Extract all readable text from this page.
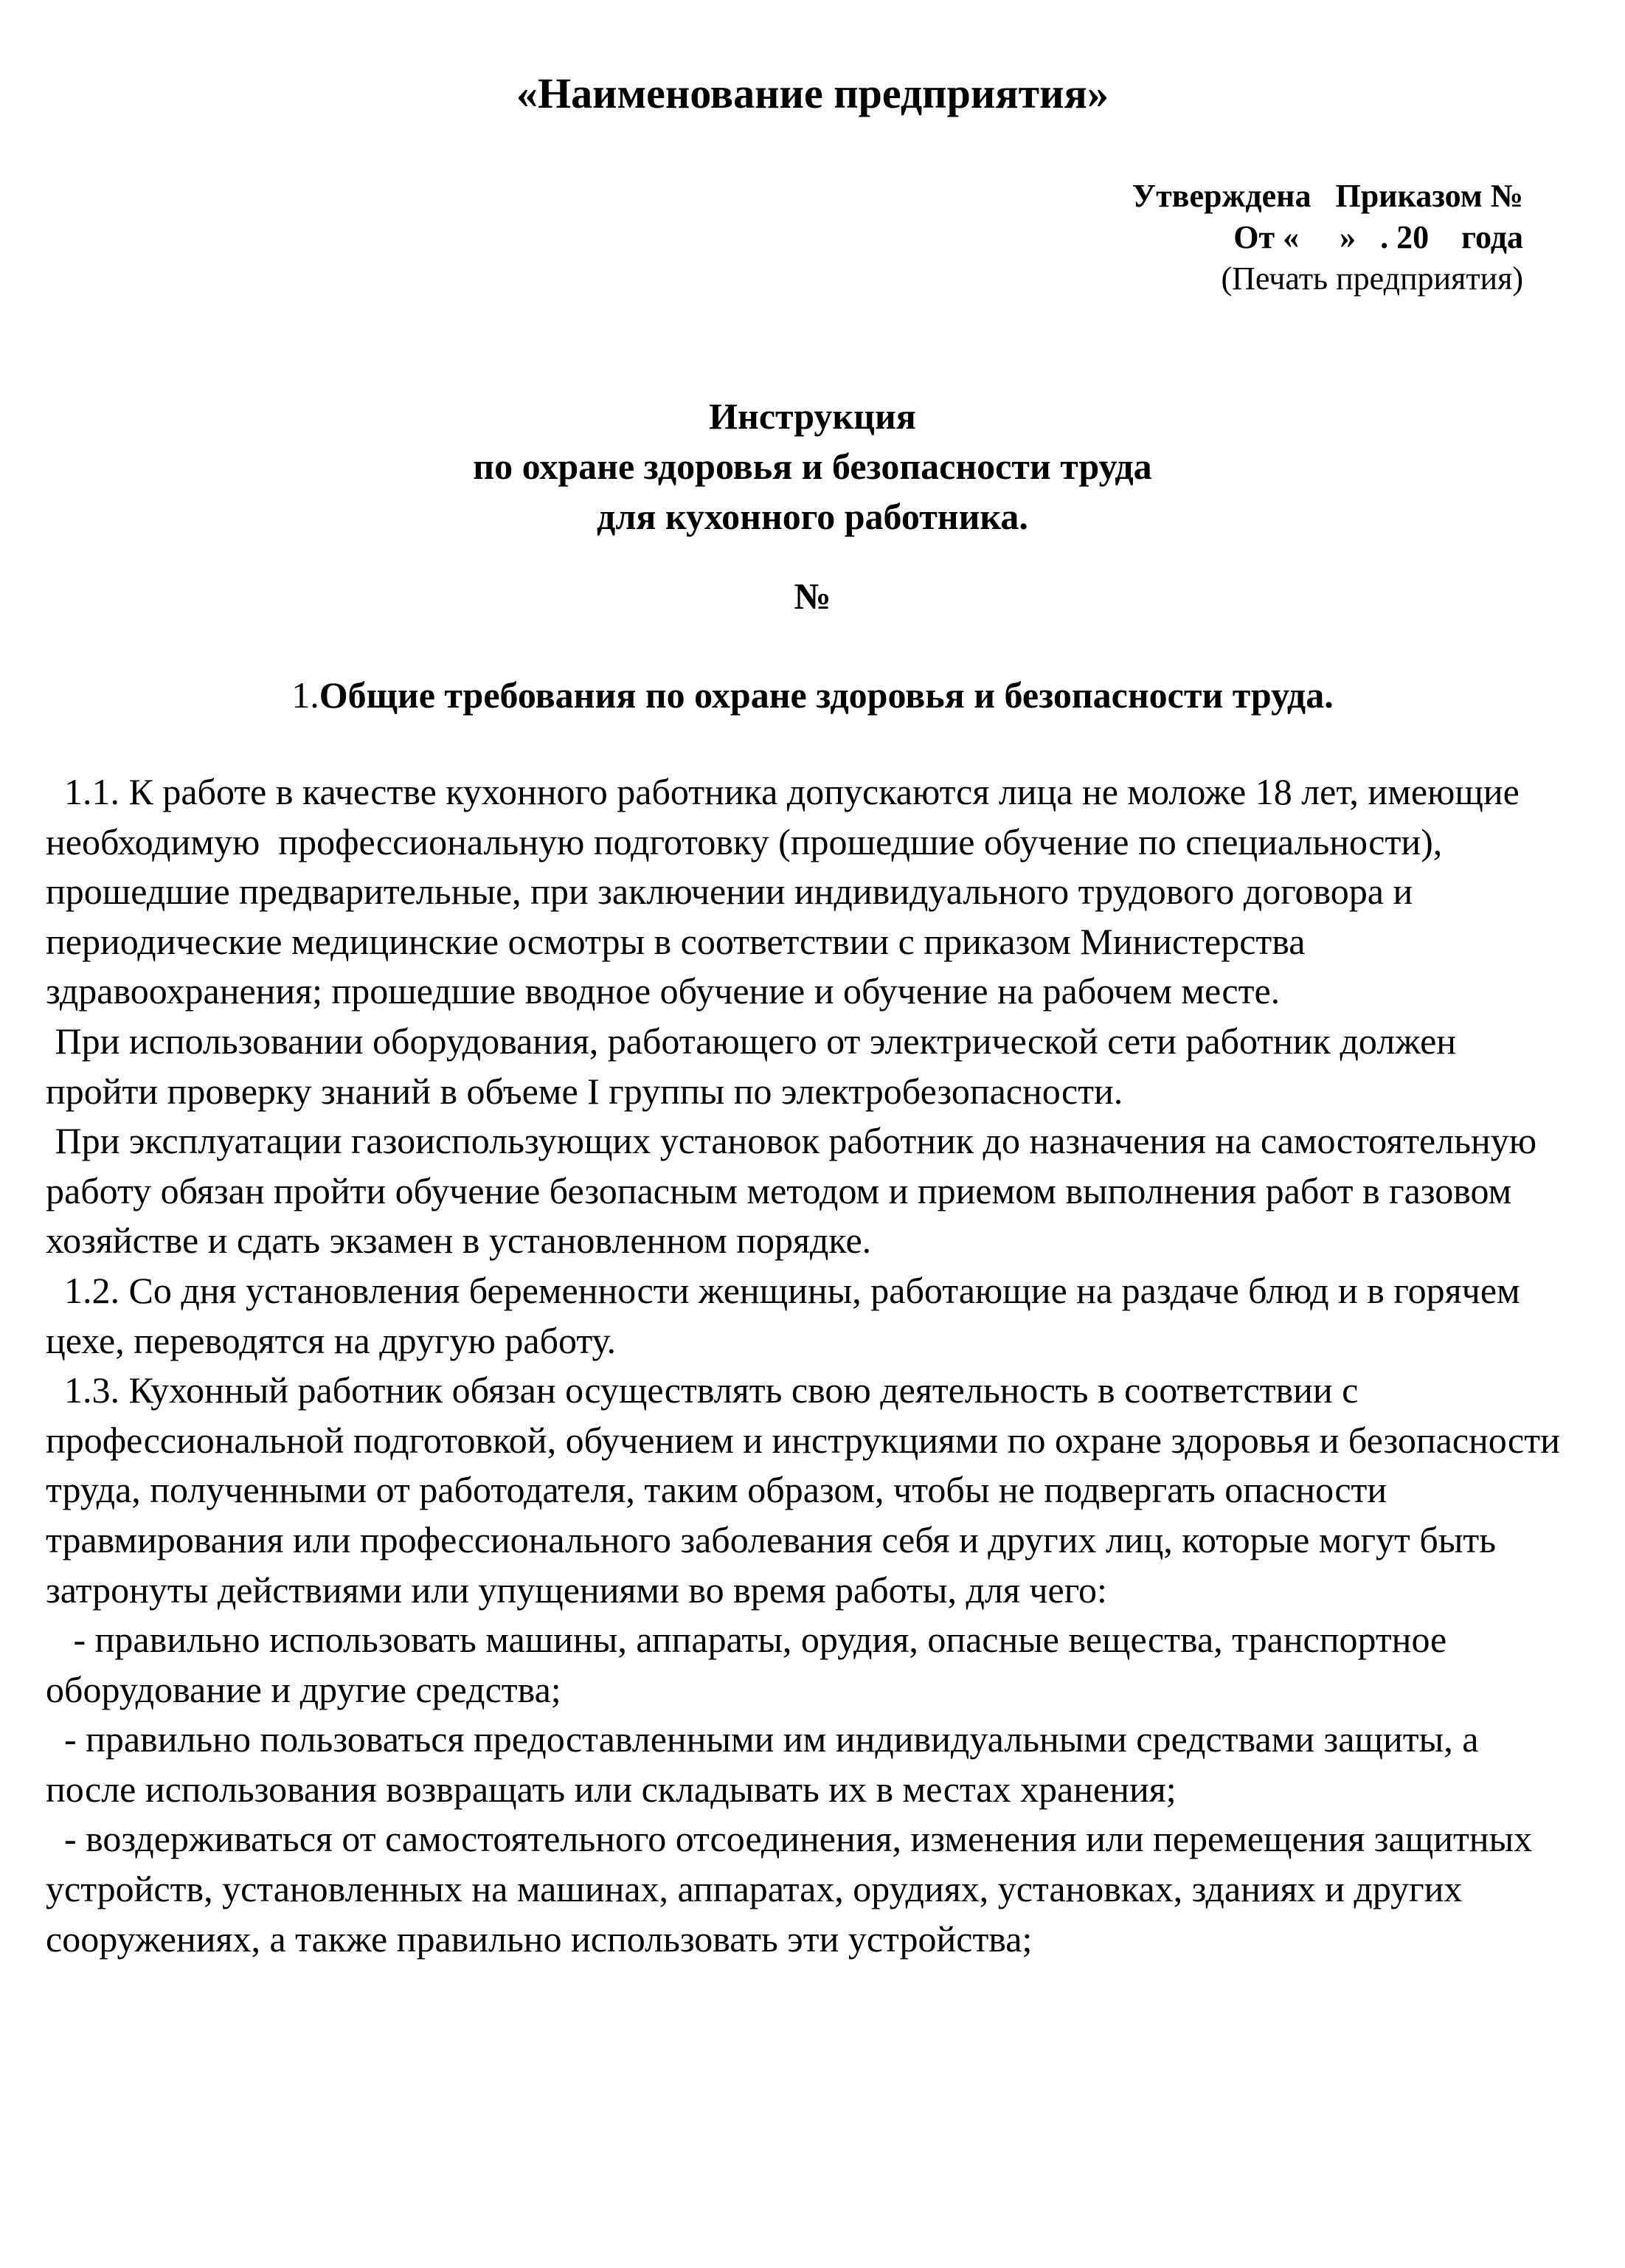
«Наименование предприятия»
Утверждена   Приказом №
От «     »   . 20    года
(Печать предприятия)
Инструкция
по охране здоровья и безопасности труда
для кухонного работника.
№
1.Общие требования по охране здоровья и безопасности труда.

1.1. К работе в качестве кухонного работника допускаются лица не моложе 18 лет, имеющие необходимую  профессиональную подготовку (прошедшие обучение по специальности), прошедшие предварительные, при заключении индивидуального трудового договора и периодические медицинские осмотры в соответствии с приказом Министерства здравоохранения; прошедшие вводное обучение и обучение на рабочем месте.

При использовании оборудования, работающего от электрической сети работник должен пройти проверку знаний в объеме I группы по электробезопасности.

При эксплуатации газоиспользующих установок работник до назначения на самостоятельную работу обязан пройти обучение безопасным методом и приемом выполнения работ в газовом хозяйстве и сдать экзамен в установленном порядке.

1.2. Со дня установления беременности женщины, работающие на раздаче блюд и в горячем цехе, переводятся на другую работу.

1.3. Кухонный работник обязан осуществлять свою деятельность в соответствии с профессиональной подготовкой, обучением и инструкциями по охране здоровья и безопасности труда, полученными от работодателя, таким образом, чтобы не подвергать опасности травмирования или профессионального заболевания себя и других лиц, которые могут быть затронуты действиями или упущениями во время работы, для чего:

- правильно использовать машины, аппараты, орудия, опасные вещества, транспортное оборудование и другие средства;

- правильно пользоваться предоставленными им индивидуальными средствами защиты, а после использования возвращать или складывать их в местах хранения;

- воздерживаться от самостоятельного отсоединения, изменения или перемещения защитных устройств, установленных на машинах, аппаратах, орудиях, установках, зданиях и других сооружениях, а также правильно использовать эти устройства;
